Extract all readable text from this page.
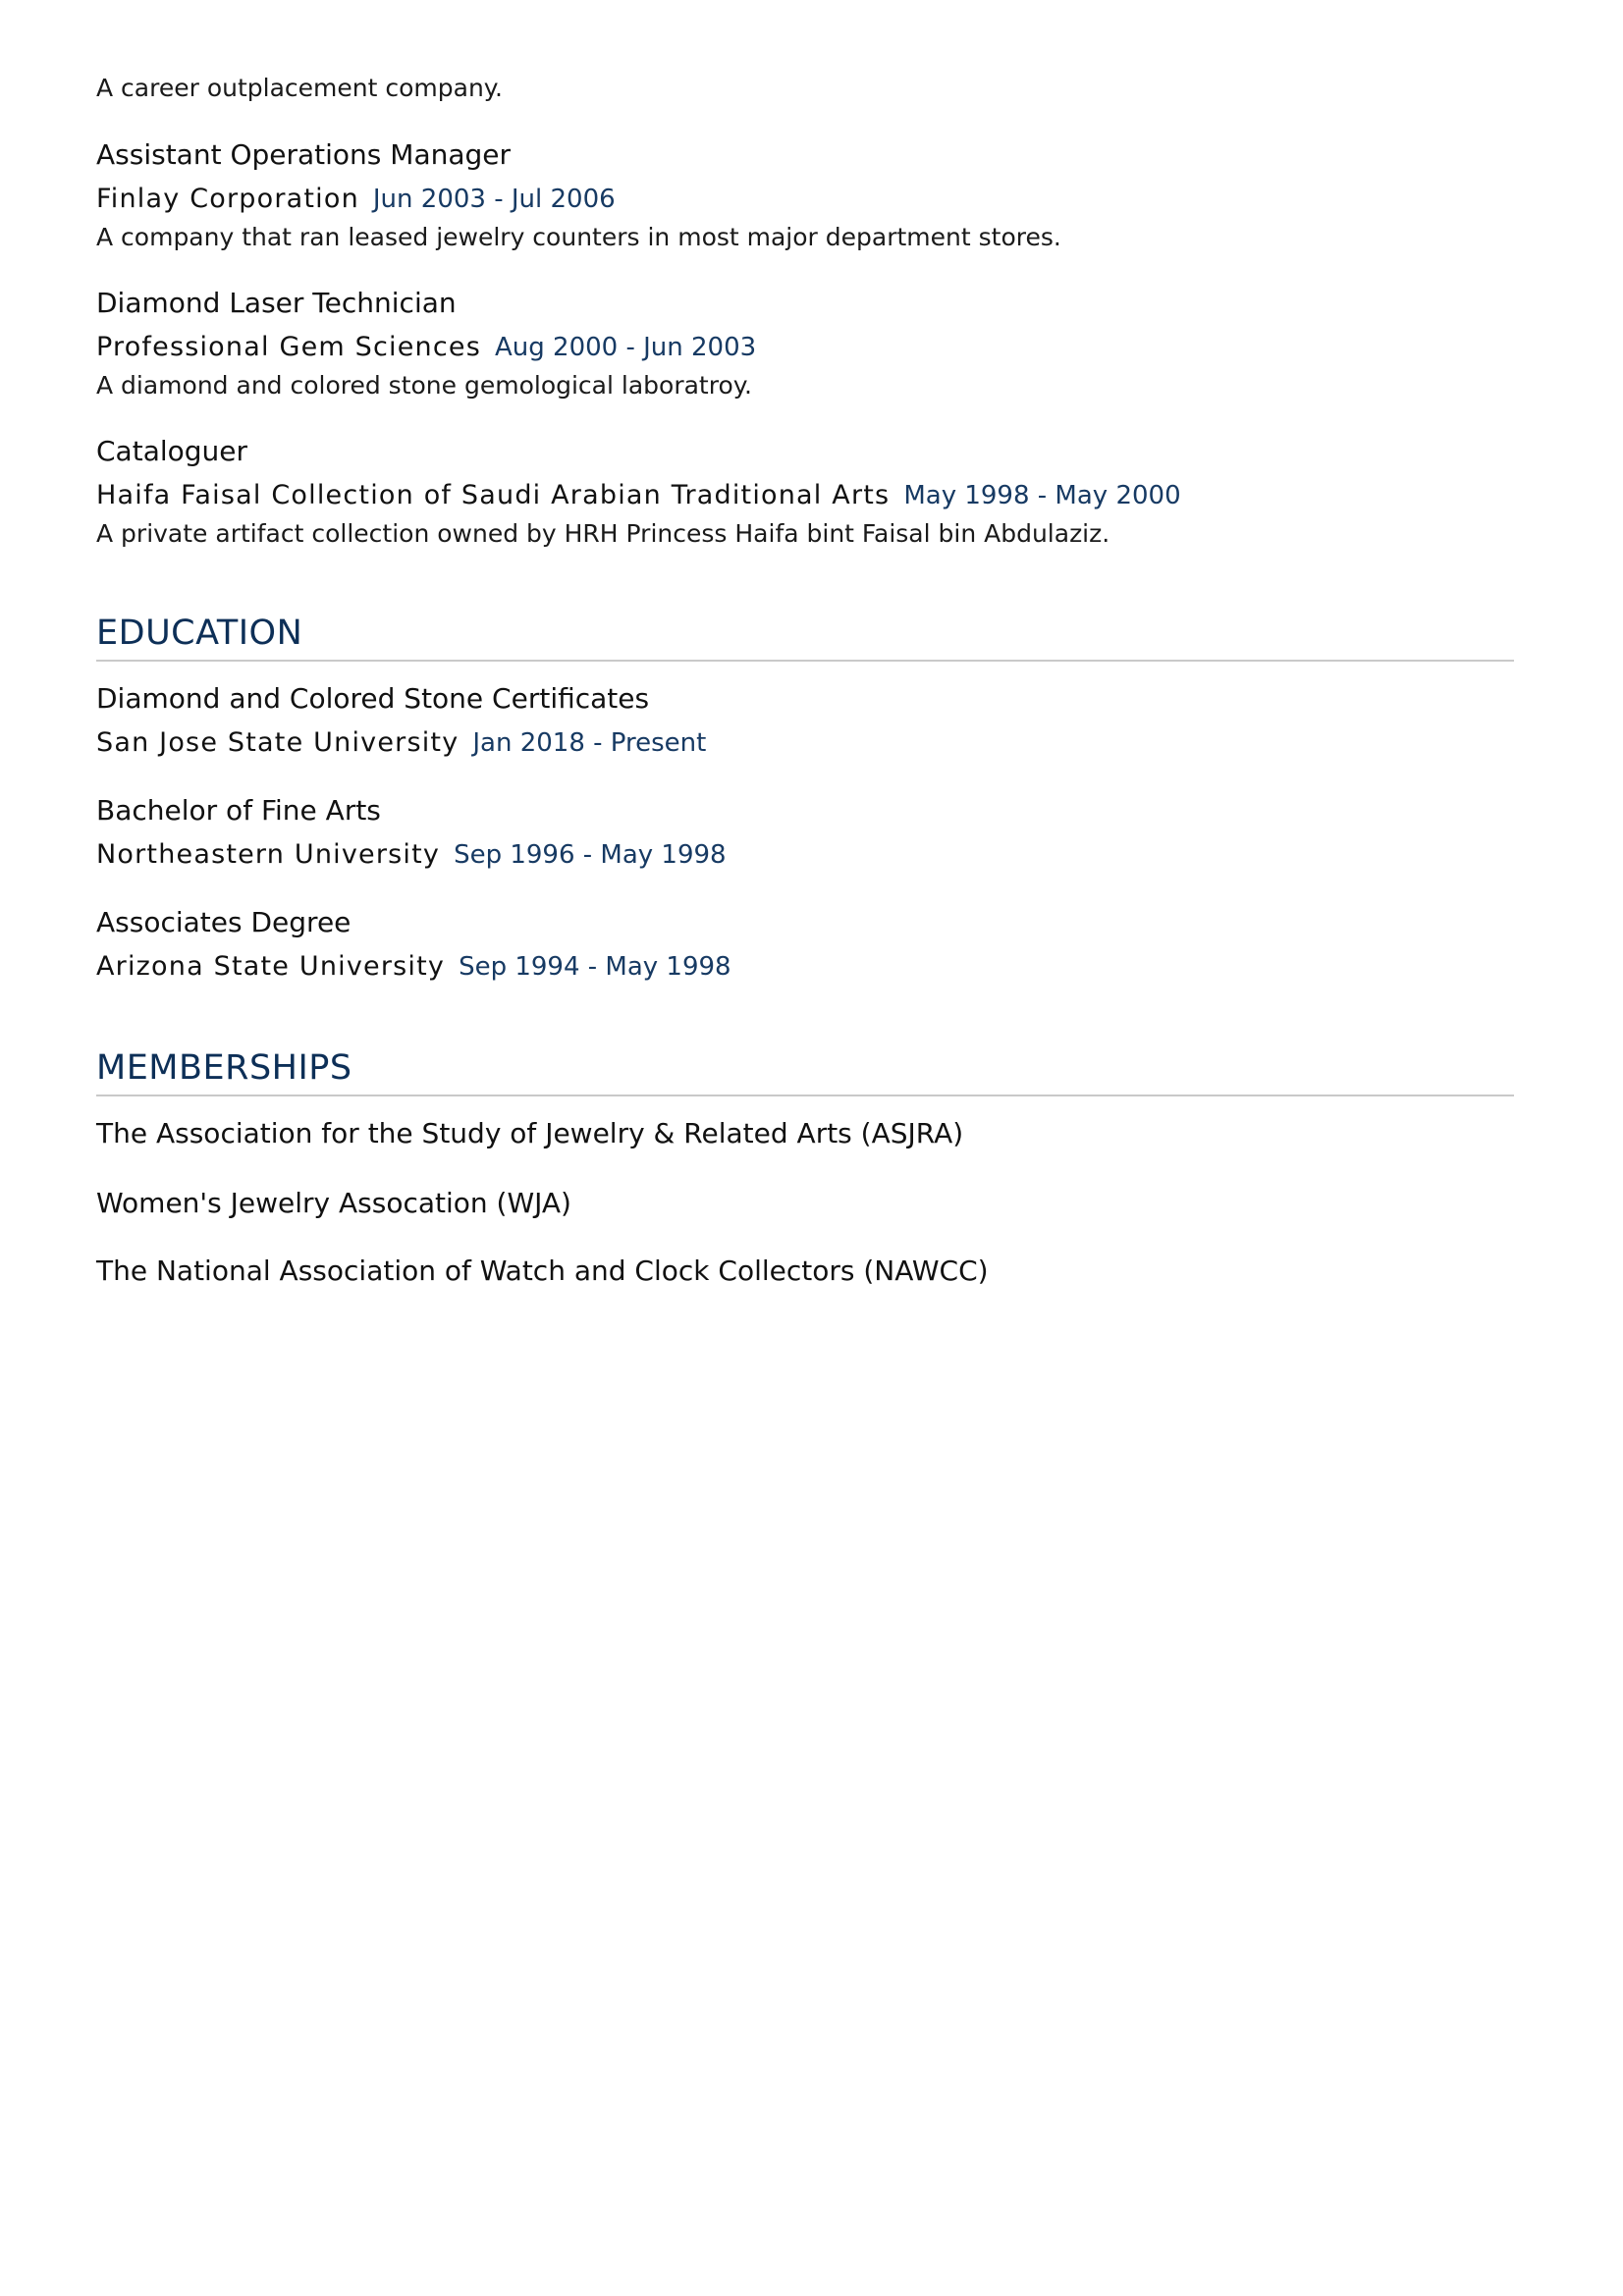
A career outplacement company.
Assistant Operations Manager
Finlay Corporation Jun 2003 - Jul 2006
A company that ran leased jewelry counters in most major department stores.
Diamond Laser Technician
Professional Gem Sciences Aug 2000 - Jun 2003
A diamond and colored stone gemological laboratroy.
Cataloguer
Haifa Faisal Collection of Saudi Arabian Traditional Arts May 1998 - May 2000
A private artifact collection owned by HRH Princess Haifa bint Faisal bin Abdulaziz.
EDUCATION
Diamond and Colored Stone Certificates
San Jose State University Jan 2018 - Present
Bachelor of Fine Arts
Northeastern University Sep 1996 - May 1998
Associates Degree
Arizona State University Sep 1994 - May 1998
MEMBERSHIPS
The Association for the Study of Jewelry & Related Arts (ASJRA)
Women's Jewelry Assocation (WJA)
The National Association of Watch and Clock Collectors (NAWCC)
